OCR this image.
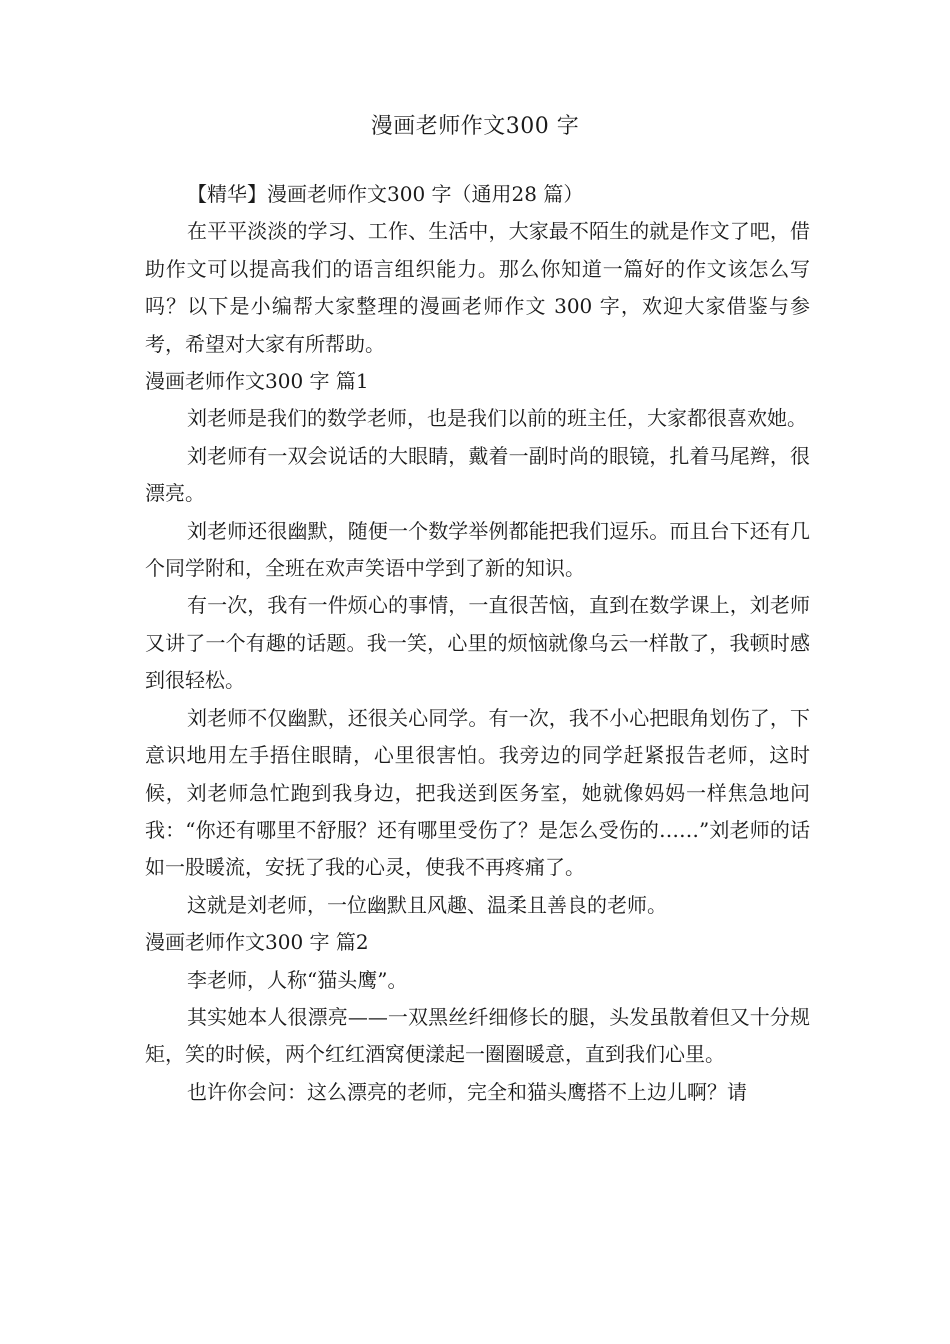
漫画老师作文300 字

【精华】漫画老师作文300 字（通用28 篇）

在平平淡淡的学习、工作、生活中，大家最不陌生的就是作文了吧，借助作文可以提高我们的语言组织能力。那么你知道一篇好的作文该怎么写吗？以下是小编帮大家整理的漫画老师作文 300 字，欢迎大家借鉴与参考，希望对大家有所帮助。

漫画老师作文300 字 篇1

刘老师是我们的数学老师，也是我们以前的班主任，大家都很喜欢她。

刘老师有一双会说话的大眼睛，戴着一副时尚的眼镜，扎着马尾辫，很漂亮。

刘老师还很幽默，随便一个数学举例都能把我们逗乐。而且台下还有几个同学附和，全班在欢声笑语中学到了新的知识。

有一次，我有一件烦心的事情，一直很苦恼，直到在数学课上，刘老师又讲了一个有趣的话题。我一笑，心里的烦恼就像乌云一样散了，我顿时感到很轻松。

刘老师不仅幽默，还很关心同学。有一次，我不小心把眼角划伤了，下意识地用左手捂住眼睛，心里很害怕。我旁边的同学赶紧报告老师，这时候，刘老师急忙跑到我身边，把我送到医务室，她就像妈妈一样焦急地问我：“你还有哪里不舒服？还有哪里受伤了？是怎么受伤的……”刘老师的话如一股暖流，安抚了我的心灵，使我不再疼痛了。

这就是刘老师，一位幽默且风趣、温柔且善良的老师。

漫画老师作文300 字 篇2

李老师，人称“猫头鹰”。

其实她本人很漂亮——一双黑丝纤细修长的腿，头发虽散着但又十分规矩，笑的时候，两个红红酒窝便漾起一圈圈暖意，直到我们心里。

也许你会问：这么漂亮的老师，完全和猫头鹰搭不上边儿啊？请
